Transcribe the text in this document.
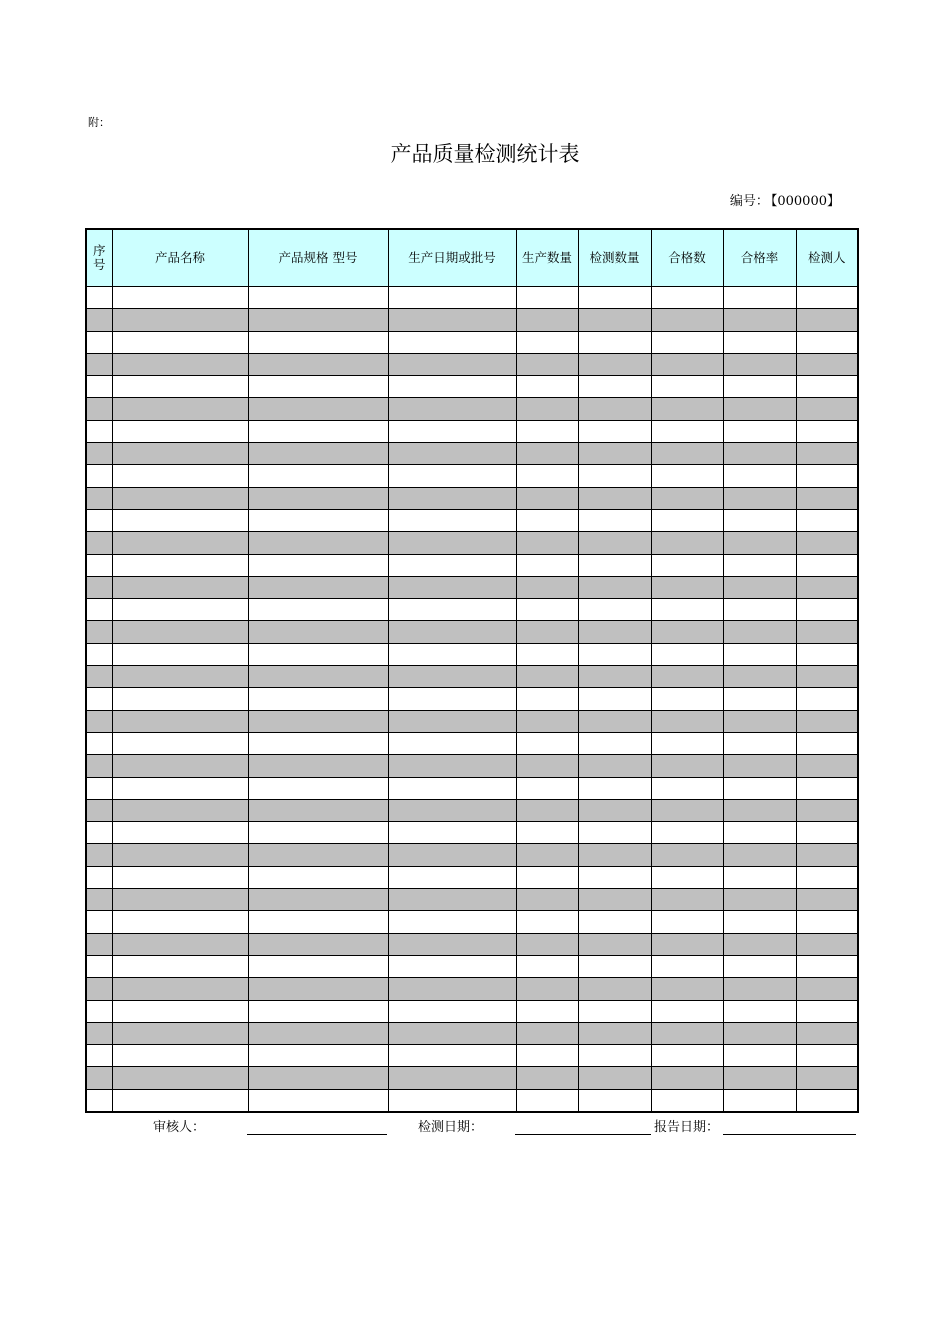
附：
产品质量检测统计表
编号： 【000000】
序号	产品名称	产品规格 型号	生产日期或批号	生产数量	检测数量	合格数	合格率	检测人

审核人：	检测日期：	报告日期：
